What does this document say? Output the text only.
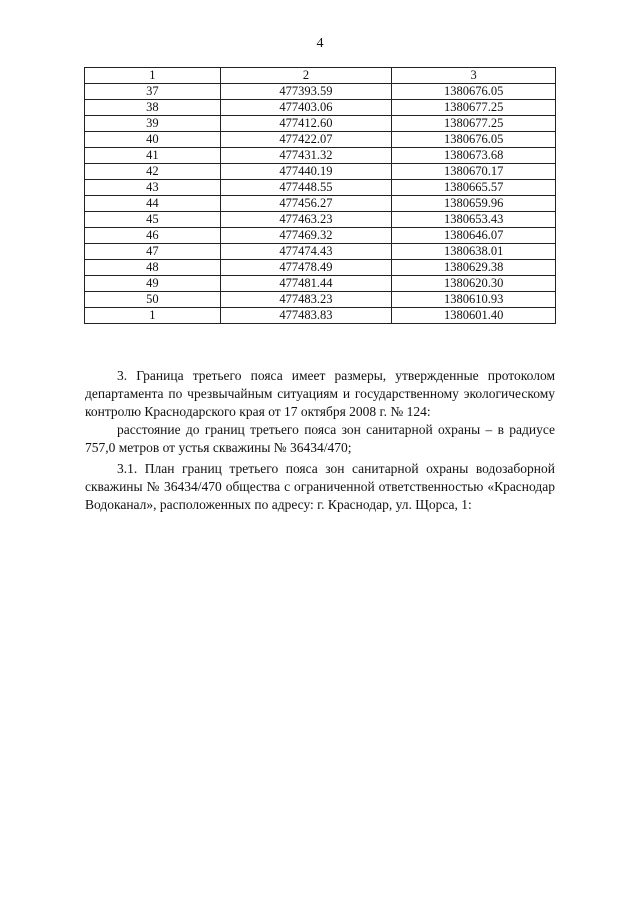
4
1	2	3
37	477393.59	1380676.05
38	477403.06	1380677.25
39	477412.60	1380677.25
40	477422.07	1380676.05
41	477431.32	1380673.68
42	477440.19	1380670.17
43	477448.55	1380665.57
44	477456.27	1380659.96
45	477463.23	1380653.43
46	477469.32	1380646.07
47	477474.43	1380638.01
48	477478.49	1380629.38
49	477481.44	1380620.30
50	477483.23	1380610.93
1	477483.83	1380601.40

3. Граница третьего пояса имеет размеры, утвержденные протоколом департамента по чрезвычайным ситуациям и государственному экологическому контролю Краснодарского края от 17 октября 2008 г. № 124:

расстояние до границ третьего пояса зон санитарной охраны – в радиусе 757,0 метров от устья скважины № 36434/470;

3.1. План границ третьего пояса зон санитарной охраны водозаборной скважины № 36434/470 общества с ограниченной ответственностью «Краснодар Водоканал», расположенных по адресу: г. Краснодар, ул. Щорса, 1:
